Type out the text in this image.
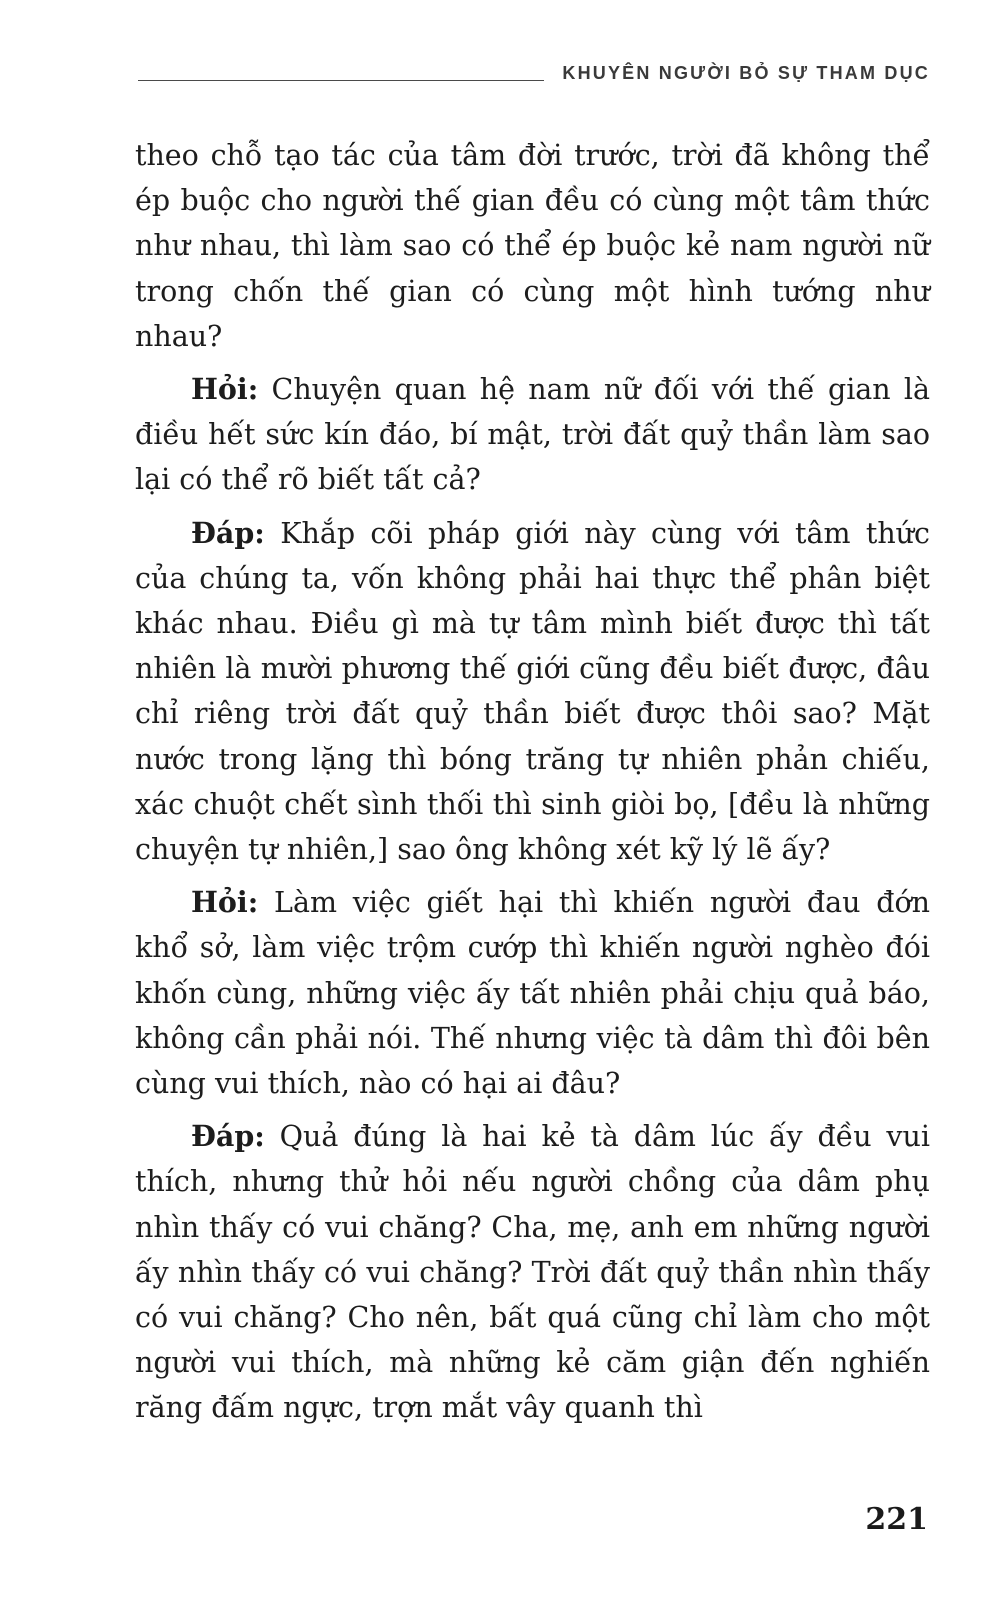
KHUYÊN NGƯỜI BỎ SỰ THAM DỤC

theo chỗ tạo tác của tâm đời trước, trời đã không thể ép buộc cho người thế gian đều có cùng một tâm thức như nhau, thì làm sao có thể ép buộc kẻ nam người nữ trong chốn thế gian có cùng một hình tướng như nhau?

Hỏi: Chuyện quan hệ nam nữ đối với thế gian là điều hết sức kín đáo, bí mật, trời đất quỷ thần làm sao lại có thể rõ biết tất cả?

Đáp: Khắp cõi pháp giới này cùng với tâm thức của chúng ta, vốn không phải hai thực thể phân biệt khác nhau. Điều gì mà tự tâm mình biết được thì tất nhiên là mười phương thế giới cũng đều biết được, đâu chỉ riêng trời đất quỷ thần biết được thôi sao? Mặt nước trong lặng thì bóng trăng tự nhiên phản chiếu, xác chuột chết sình thối thì sinh giòi bọ, [đều là những chuyện tự nhiên,] sao ông không xét kỹ lý lẽ ấy?

Hỏi: Làm việc giết hại thì khiến người đau đớn khổ sở, làm việc trộm cướp thì khiến người nghèo đói khốn cùng, những việc ấy tất nhiên phải chịu quả báo, không cần phải nói. Thế nhưng việc tà dâm thì đôi bên cùng vui thích, nào có hại ai đâu?

Đáp: Quả đúng là hai kẻ tà dâm lúc ấy đều vui thích, nhưng thử hỏi nếu người chồng của dâm phụ nhìn thấy có vui chăng? Cha, mẹ, anh em những người ấy nhìn thấy có vui chăng? Trời đất quỷ thần nhìn thấy có vui chăng? Cho nên, bất quá cũng chỉ làm cho một người vui thích, mà những kẻ căm giận đến nghiến răng đấm ngực, trợn mắt vây quanh thì

221
